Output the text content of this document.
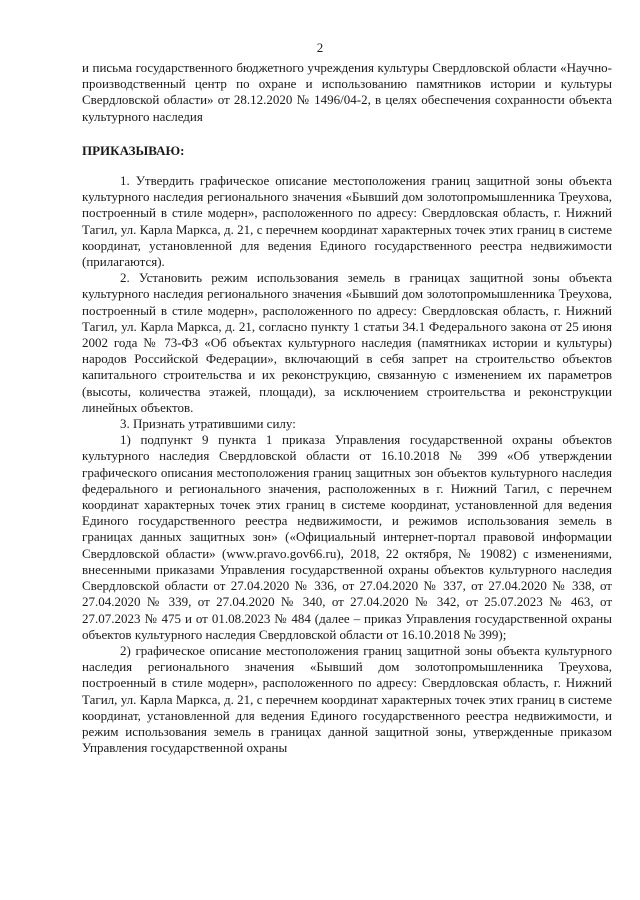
2

и письма государственного бюджетного учреждения культуры Свердловской области «Научно-производственный центр по охране и использованию памятников истории и культуры Свердловской области» от 28.12.2020 № 1496/04-2, в целях обеспечения сохранности объекта культурного наследия

ПРИКАЗЫВАЮ:

1. Утвердить графическое описание местоположения границ защитной зоны объекта культурного наследия регионального значения «Бывший дом золотопромышленника Треухова, построенный в стиле модерн», расположенного по адресу: Свердловская область, г. Нижний Тагил, ул. Карла Маркса, д. 21, с перечнем координат характерных точек этих границ в системе координат, установленной для ведения Единого государственного реестра недвижимости (прилагаются).

2. Установить режим использования земель в границах защитной зоны объекта культурного наследия регионального значения «Бывший дом золотопромышленника Треухова, построенный в стиле модерн», расположенного по адресу: Свердловская область, г. Нижний Тагил, ул. Карла Маркса, д. 21, согласно пункту 1 статьи 34.1 Федерального закона от 25 июня 2002 года № 73-ФЗ «Об объектах культурного наследия (памятниках истории и культуры) народов Российской Федерации», включающий в себя запрет на строительство объектов капитального строительства и их реконструкцию, связанную с изменением их параметров (высоты, количества этажей, площади), за исключением строительства и реконструкции линейных объектов.

3. Признать утратившими силу:

1) подпункт 9 пункта 1 приказа Управления государственной охраны объектов культурного наследия Свердловской области от 16.10.2018 № 399 «Об утверждении графического описания местоположения границ защитных зон объектов культурного наследия федерального и регионального значения, расположенных в г. Нижний Тагил, с перечнем координат характерных точек этих границ в системе координат, установленной для ведения Единого государственного реестра недвижимости, и режимов использования земель в границах данных защитных зон» («Официальный интернет-портал правовой информации Свердловской области» (www.pravo.gov66.ru), 2018, 22 октября, № 19082) с изменениями, внесенными приказами Управления государственной охраны объектов культурного наследия Свердловской области от 27.04.2020 № 336, от 27.04.2020 № 337, от 27.04.2020 № 338, от 27.04.2020 № 339, от 27.04.2020 № 340, от 27.04.2020 № 342, от 25.07.2023 № 463, от 27.07.2023 № 475 и от 01.08.2023 № 484 (далее – приказ Управления государственной охраны объектов культурного наследия Свердловской области от 16.10.2018 № 399);

2) графическое описание местоположения границ защитной зоны объекта культурного наследия регионального значения «Бывший дом золотопромышленника Треухова, построенный в стиле модерн», расположенного по адресу: Свердловская область, г. Нижний Тагил, ул. Карла Маркса, д. 21, с перечнем координат характерных точек этих границ в системе координат, установленной для ведения Единого государственного реестра недвижимости, и режим использования земель в границах данной защитной зоны, утвержденные приказом Управления государственной охраны
